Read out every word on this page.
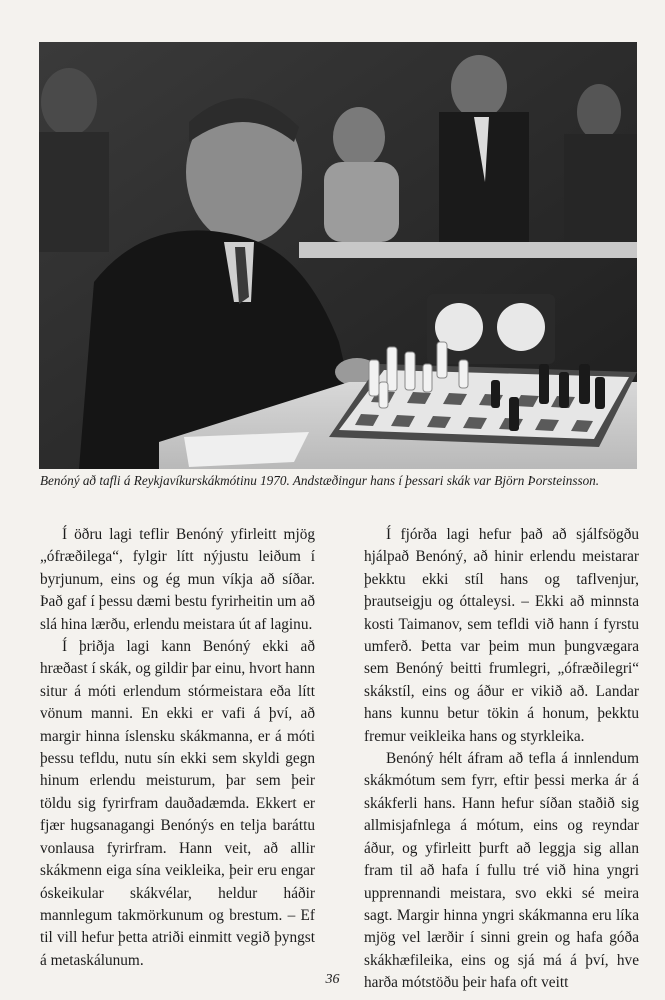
Benóný að tafli á Reykjavíkurskákmótinu 1970. Andstæðingur hans í þessari skák var Björn Þorsteinsson.

Í öðru lagi teflir Benóný yfirleitt mjög „ófræðilega“, fylgir lítt nýjustu leiðum í byrjunum, eins og ég mun víkja að síðar. Það gaf í þessu dæmi bestu fyrirheitin um að slá hina lærðu, erlendu meistara út af laginu.

Í þriðja lagi kann Benóný ekki að hræðast í skák, og gildir þar einu, hvort hann situr á móti erlendum stórmeistara eða lítt vönum manni. En ekki er vafi á því, að margir hinna íslensku skákmanna, er á móti þessu tefldu, nutu sín ekki sem skyldi gegn hinum erlendu meisturum, þar sem þeir töldu sig fyrirfram dauðadæmda. Ekkert er fjær hugsanagangi Benónýs en telja baráttu vonlausa fyrirfram. Hann veit, að allir skákmenn eiga sína veikleika, þeir eru engar óskeikular skákvélar, heldur háðir mannlegum takmörkunum og brestum. – Ef til vill hefur þetta atriði einmitt vegið þyngst á metaskálunum.

Í fjórða lagi hefur það að sjálfsögðu hjálpað Benóný, að hinir erlendu meistarar þekktu ekki stíl hans og taflvenjur, þrautseigju og óttaleysi. – Ekki að minnsta kosti Taimanov, sem tefldi við hann í fyrstu umferð. Þetta var þeim mun þungvægara sem Benóný beitti frumlegri, „ófræðilegri“ skákstíl, eins og áður er vikið að. Landar hans kunnu betur tökin á honum, þekktu fremur veikleika hans og styrkleika.

Benóný hélt áfram að tefla á innlendum skákmótum sem fyrr, eftir þessi merka ár á skákferli hans. Hann hefur síðan staðið sig allmisjafnlega á mótum, eins og reyndar áður, og yfirleitt þurft að leggja sig allan fram til að hafa í fullu tré við hina yngri upprennandi meistara, svo ekki sé meira sagt. Margir hinna yngri skákmanna eru líka mjög vel lærðir í sinni grein og hafa góða skákhæfileika, eins og sjá má á því, hve harða mótstöðu þeir hafa oft veitt

36
